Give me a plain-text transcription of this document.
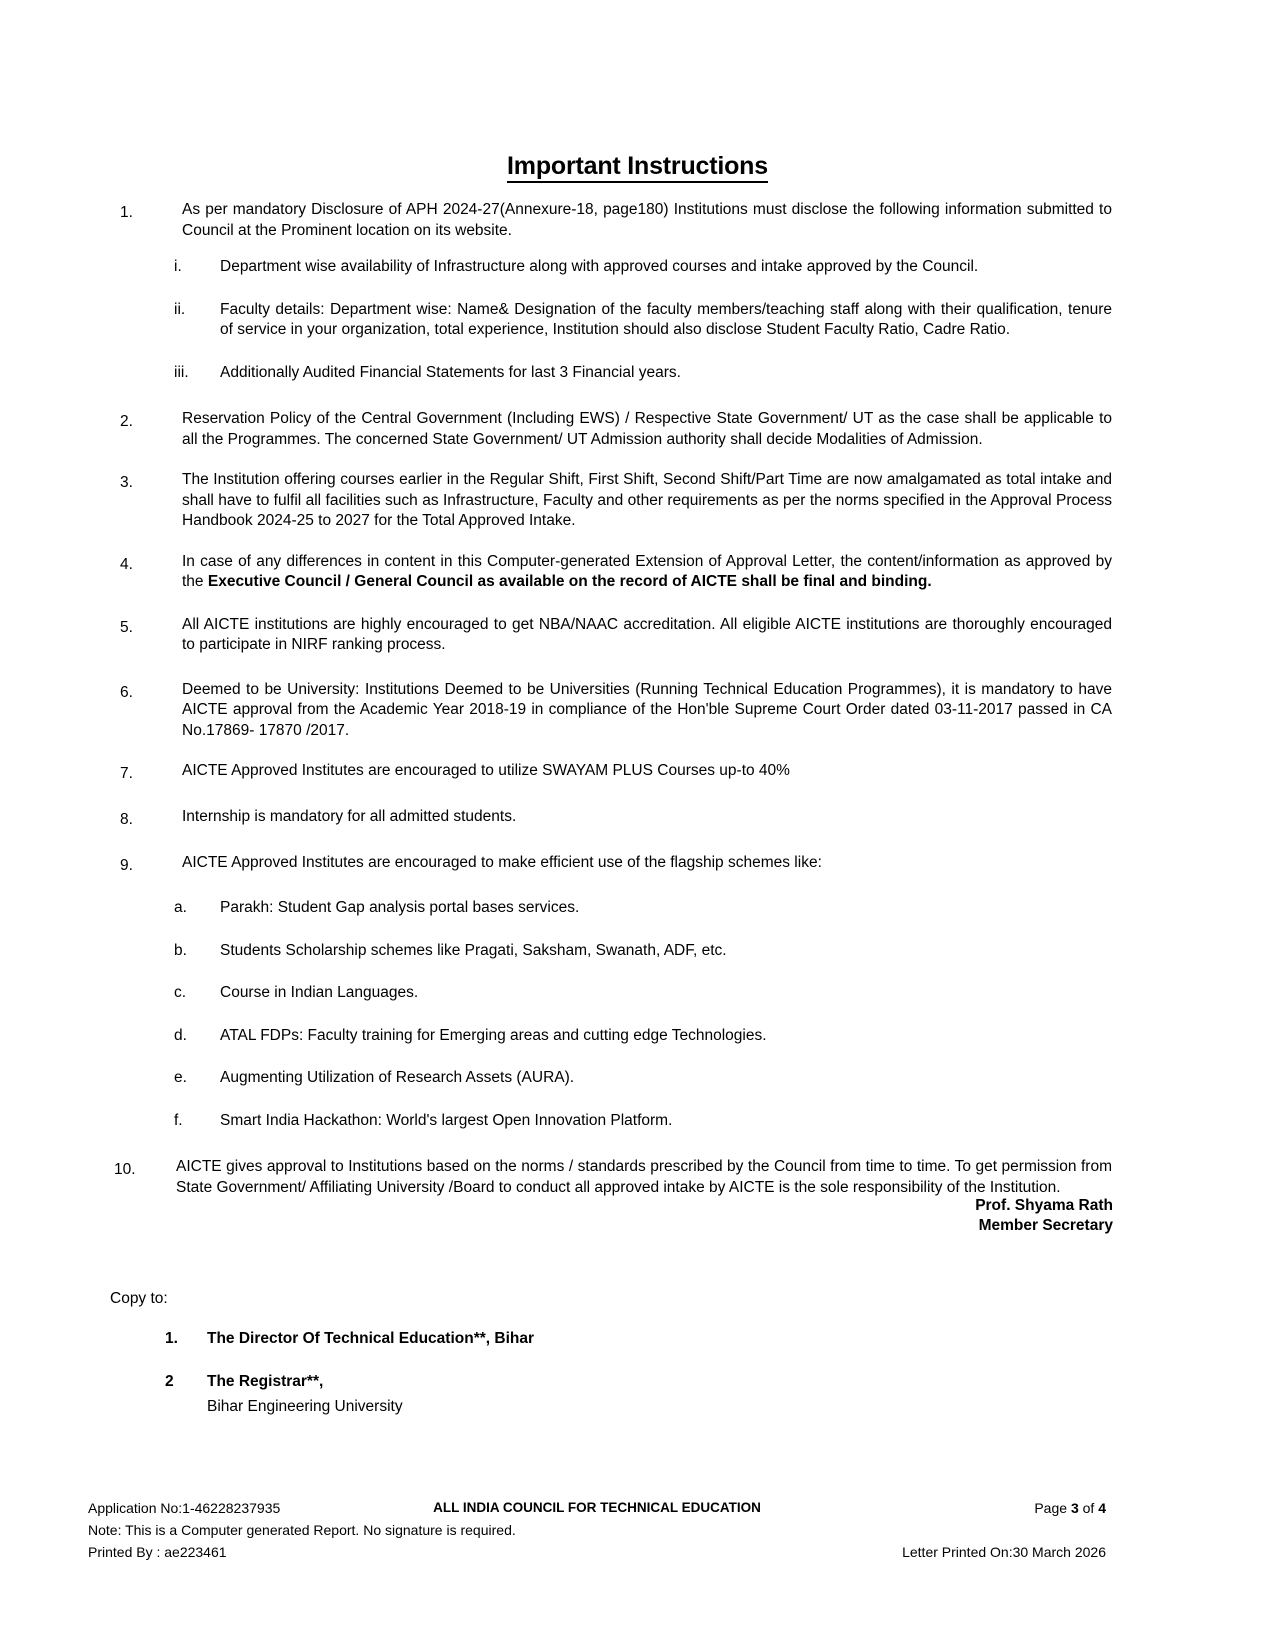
Important Instructions
1.	As per mandatory Disclosure of APH 2024-27(Annexure-18, page180) Institutions must disclose the following information submitted to Council at the Prominent location on its website.
i.	Department wise availability of Infrastructure along with approved courses and intake approved by the Council.
ii.	Faculty details: Department wise: Name& Designation of the faculty members/teaching staff along with their qualification, tenure of service in your organization, total experience, Institution should also disclose Student Faculty Ratio, Cadre Ratio.
iii.	Additionally Audited Financial Statements for last 3 Financial years.
2.	Reservation Policy of the Central Government (Including EWS) / Respective State Government/ UT as the case shall be applicable to all the Programmes. The concerned State Government/ UT Admission authority shall decide Modalities of Admission.
3.	The Institution offering courses earlier in the Regular Shift, First Shift, Second Shift/Part Time are now amalgamated as total intake and shall have to fulfil all facilities such as Infrastructure, Faculty and other requirements as per the norms specified in the Approval Process Handbook 2024-25 to 2027 for the Total Approved Intake.
4.	In case of any differences in content in this Computer-generated Extension of Approval Letter, the content/information as approved by the Executive Council / General Council as available on the record of AICTE shall be final and binding.
5.	All AICTE institutions are highly encouraged to get NBA/NAAC accreditation. All eligible AICTE institutions are thoroughly encouraged to participate in NIRF ranking process.
6.	Deemed to be University: Institutions Deemed to be Universities (Running Technical Education Programmes), it is mandatory to have AICTE approval from the Academic Year 2018-19 in compliance of the Hon'ble Supreme Court Order dated 03-11-2017 passed in CA No.17869- 17870 /2017.
7.	AICTE Approved Institutes are encouraged to utilize SWAYAM PLUS Courses up-to 40%
8.	Internship is mandatory for all admitted students.
9.	AICTE Approved Institutes are encouraged to make efficient use of the flagship schemes like:
a.	Parakh: Student Gap analysis portal bases services.
b.	Students Scholarship schemes like Pragati, Saksham, Swanath, ADF, etc.
c.	Course in Indian Languages.
d.	ATAL FDPs: Faculty training for Emerging areas and cutting edge Technologies.
e.	Augmenting Utilization of Research Assets (AURA).
f.	Smart India Hackathon: World's largest Open Innovation Platform.
10.	AICTE gives approval to Institutions based on the norms / standards prescribed by the Council from time to time. To get permission from State Government/ Affiliating University /Board to conduct all approved intake by AICTE is the sole responsibility of the Institution.
Prof. Shyama Rath
Member Secretary
Copy to:
1.	The Director Of Technical Education**, Bihar
2	The Registrar**,
Bihar Engineering University
Application No:1-46228237935	ALL INDIA COUNCIL FOR TECHNICAL EDUCATION	Page 3 of 4
Note: This is a Computer generated Report. No signature is required.
Printed By : ae223461	Letter Printed On:30 March 2026
